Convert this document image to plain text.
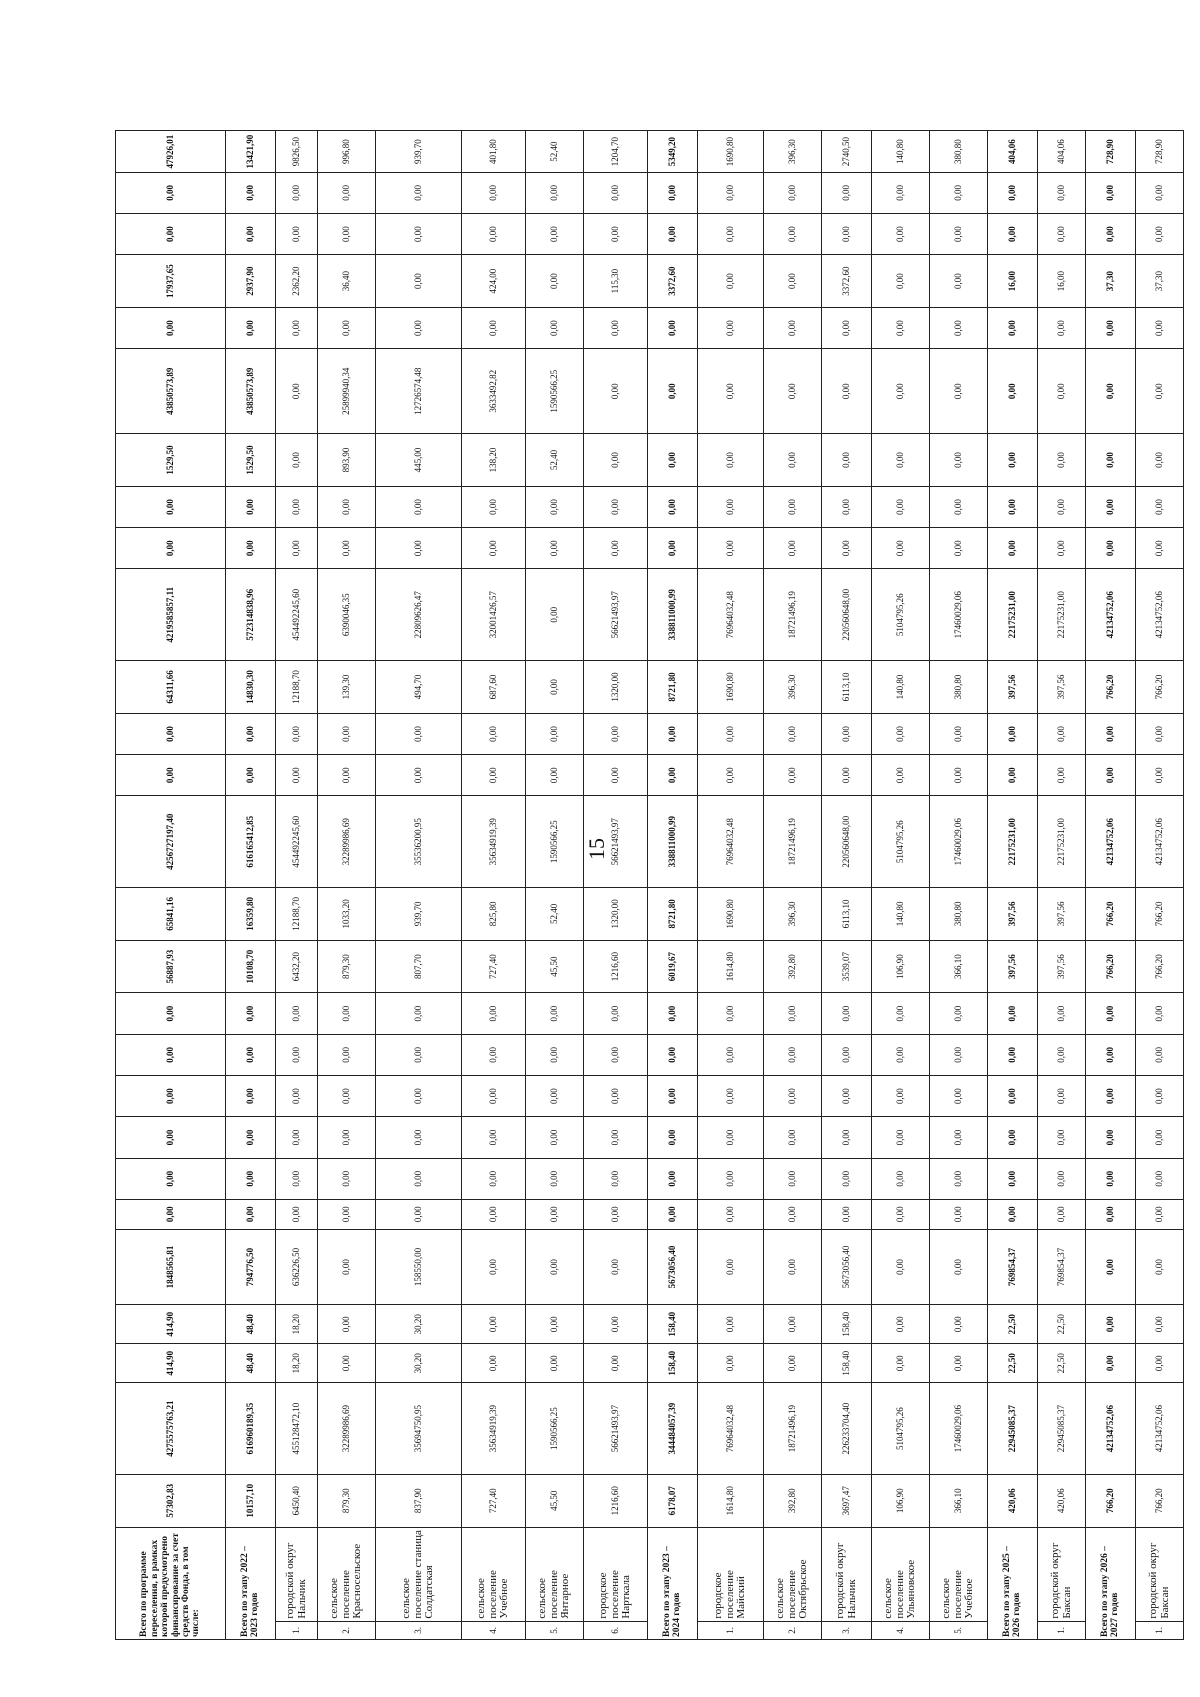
15
Всего по программе переселения, в рамках которой предусмотрено финансирование за счет средств Фонда, в том числе:		57302,83	4275575763,21	414,90	414,90	1848565,81	0,00	0,00	0,00	0,00	0,00	0,00	56887,93	65841,16	4256727197,40	0,00	0,00	64311,66	4219585857,11	0,00	0,00	1529,50	43850573,89	0,00	17937,65	0,00	0,00	47926,01
Всего по этапу 2022 – 2023 годов		10157,10	616960189,35	48,40	48,40	794776,50	0,00	0,00	0,00	0,00	0,00	0,00	10108,70	16359,80	616165412,85	0,00	0,00	14830,30	572314838,96	0,00	0,00	1529,50	43850573,89	0,00	2937,90	0,00	0,00	13421,90
1.	городской округ Нальчик	6450,40	455128472,10	18,20	18,20	636226,50	0,00	0,00	0,00	0,00	0,00	0,00	6432,20	12188,70	454492245,60	0,00	0,00	12188,70	454492245,60	0,00	0,00	0,00	0,00	0,00	2362,20	0,00	0,00	9826,50
2.	сельское поселение Красносельское	879,30	32289986,69	0,00	0,00	0,00	0,00	0,00	0,00	0,00	0,00	0,00	879,30	1033,20	32289986,69	0,00	0,00	139,30	6390046,35	0,00	0,00	893,90	25899940,34	0,00	36,40	0,00	0,00	996,80
3.	сельское поселение станица Солдатская	837,90	35694750,95	30,20	30,20	158550,00	0,00	0,00	0,00	0,00	0,00	0,00	807,70	939,70	35536200,95	0,00	0,00	494,70	22809626,47	0,00	0,00	445,00	12726574,48	0,00	0,00	0,00	0,00	939,70
4.	сельское поселение Учебное	727,40	35634919,39	0,00	0,00	0,00	0,00	0,00	0,00	0,00	0,00	0,00	727,40	825,80	35634919,39	0,00	0,00	687,60	32001426,57	0,00	0,00	138,20	3633492,82	0,00	424,00	0,00	0,00	401,80
5.	сельское поселение Янтарное	45,50	1590566,25	0,00	0,00	0,00	0,00	0,00	0,00	0,00	0,00	0,00	45,50	52,40	1590566,25	0,00	0,00	0,00	0,00	0,00	0,00	52,40	1590566,25	0,00	0,00	0,00	0,00	52,40
6.	городское поселение Нарткала	1216,60	56621493,97	0,00	0,00	0,00	0,00	0,00	0,00	0,00	0,00	0,00	1216,60	1320,00	56621493,97	0,00	0,00	1320,00	56621493,97	0,00	0,00	0,00	0,00	0,00	115,30	0,00	0,00	1204,70
Всего по этапу 2023 – 2024 годов		6178,07	344484057,39	158,40	158,40	5673056,40	0,00	0,00	0,00	0,00	0,00	0,00	6019,67	8721,80	338811000,99	0,00	0,00	8721,80	338811000,99	0,00	0,00	0,00	0,00	0,00	3372,60	0,00	0,00	5349,20
1.	городское поселение Майский	1614,80	76964032,48	0,00	0,00	0,00	0,00	0,00	0,00	0,00	0,00	0,00	1614,80	1690,80	76964032,48	0,00	0,00	1690,80	76964032,48	0,00	0,00	0,00	0,00	0,00	0,00	0,00	0,00	1690,80
2.	сельское поселение Октябрьское	392,80	18721496,19	0,00	0,00	0,00	0,00	0,00	0,00	0,00	0,00	0,00	392,80	396,30	18721496,19	0,00	0,00	396,30	18721496,19	0,00	0,00	0,00	0,00	0,00	0,00	0,00	0,00	396,30
3.	городской округ Нальчик	3697,47	226233704,40	158,40	158,40	5673056,40	0,00	0,00	0,00	0,00	0,00	0,00	3539,07	6113,10	220560648,00	0,00	0,00	6113,10	220560648,00	0,00	0,00	0,00	0,00	0,00	3372,60	0,00	0,00	2740,50
4.	сельское поселение Ульяновское	106,90	5104795,26	0,00	0,00	0,00	0,00	0,00	0,00	0,00	0,00	0,00	106,90	140,80	5104795,26	0,00	0,00	140,80	5104795,26	0,00	0,00	0,00	0,00	0,00	0,00	0,00	0,00	140,80
5.	сельское поселение Учебное	366,10	17460029,06	0,00	0,00	0,00	0,00	0,00	0,00	0,00	0,00	0,00	366,10	380,80	17460029,06	0,00	0,00	380,80	17460029,06	0,00	0,00	0,00	0,00	0,00	0,00	0,00	0,00	380,80
Всего по этапу 2025 – 2026 годов		420,06	22945085,37	22,50	22,50	769854,37	0,00	0,00	0,00	0,00	0,00	0,00	397,56	397,56	22175231,00	0,00	0,00	397,56	22175231,00	0,00	0,00	0,00	0,00	0,00	16,00	0,00	0,00	404,06
1.	городской округ Баксан	420,06	22945085,37	22,50	22,50	769854,37	0,00	0,00	0,00	0,00	0,00	0,00	397,56	397,56	22175231,00	0,00	0,00	397,56	22175231,00	0,00	0,00	0,00	0,00	0,00	16,00	0,00	0,00	404,06
Всего по этапу 2026 – 2027 годов		766,20	42134752,06	0,00	0,00	0,00	0,00	0,00	0,00	0,00	0,00	0,00	766,20	766,20	42134752,06	0,00	0,00	766,20	42134752,06	0,00	0,00	0,00	0,00	0,00	37,30	0,00	0,00	728,90
1.	городской округ Баксан	766,20	42134752,06	0,00	0,00	0,00	0,00	0,00	0,00	0,00	0,00	0,00	766,20	766,20	42134752,06	0,00	0,00	766,20	42134752,06	0,00	0,00	0,00	0,00	0,00	37,30	0,00	0,00	728,90
